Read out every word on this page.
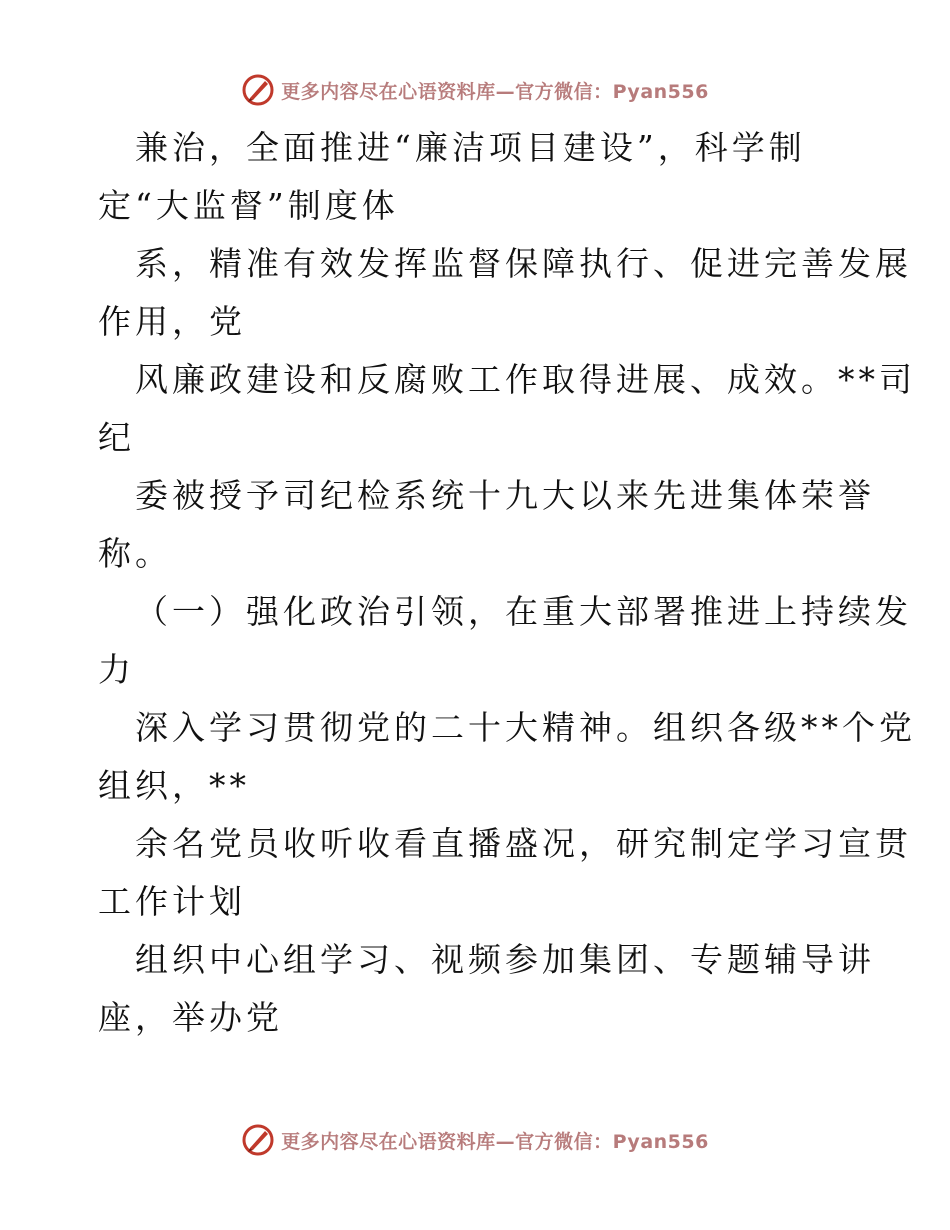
更多内容尽在心语资料库—官方微信：Pyan556
兼治，全面推进“廉洁项目建设”，科学制
定“大监督”制度体
系，精准有效发挥监督保障执行、促进完善发展
作用，党
风廉政建设和反腐败工作取得进展、成效。**司
纪
委被授予司纪检系统十九大以来先进集体荣誉
称。
（一）强化政治引领，在重大部署推进上持续发
力
深入学习贯彻党的二十大精神。组织各级**个党
组织，**
余名党员收听收看直播盛况，研究制定学习宣贯
工作计划
组织中心组学习、视频参加集团、专题辅导讲
座，举办党
更多内容尽在心语资料库—官方微信：Pyan556
